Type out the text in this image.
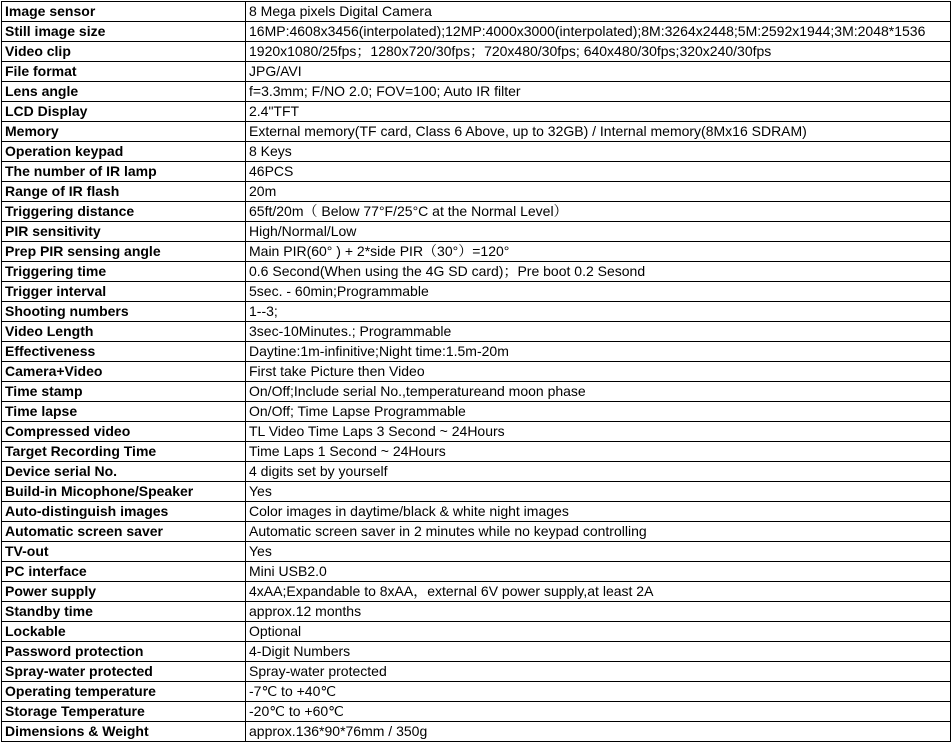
Image sensor	8 Mega pixels Digital Camera
Still image size	16MP:4608x3456(interpolated);12MP:4000x3000(interpolated);8M:3264x2448;5M:2592x1944;3M:2048*1536
Video clip	1920x1080/25fps；1280x720/30fps；720x480/30fps; 640x480/30fps;320x240/30fps
File format	JPG/AVI
Lens angle	f=3.3mm; F/NO 2.0; FOV=100; Auto IR filter
LCD Display	2.4"TFT
Memory	External memory(TF card, Class 6 Above, up to 32GB) / Internal memory(8Mx16 SDRAM)
Operation keypad	8 Keys
The number of IR lamp	46PCS
Range of IR flash	20m
Triggering distance	65ft/20m（ Below 77°F/25°C at the Normal Level）
PIR sensitivity	High/Normal/Low
Prep PIR sensing angle	Main PIR(60° ) + 2*side PIR（30°）=120°
Triggering time	0.6 Second(When using the 4G SD card)；Pre boot 0.2 Sesond
Trigger interval	5sec. - 60min;Programmable
Shooting numbers	1--3;
Video Length	3sec-10Minutes.; Programmable
Effectiveness	Daytine:1m-infinitive;Night time:1.5m-20m
Camera+Video	First take Picture then Video
Time stamp	On/Off;Include serial No.,temperatureand moon phase
Time lapse	On/Off; Time Lapse Programmable
Compressed video	TL Video Time Laps 3 Second ~ 24Hours
Target Recording Time	Time Laps 1 Second ~ 24Hours
Device serial No.	4 digits set by yourself
Build-in Micophone/Speaker	Yes
Auto-distinguish images	Color images in daytime/black & white night images
Automatic screen saver	Automatic screen saver in 2 minutes while no keypad controlling
TV-out	Yes
PC interface	Mini USB2.0
Power supply	4xAA;Expandable to 8xAA，external 6V power supply,at least 2A
Standby time	approx.12 months
Lockable	Optional
Password protection	4-Digit Numbers
Spray-water protected	Spray-water protected
Operating temperature	-7℃ to +40℃
Storage Temperature	-20℃ to +60℃
Dimensions & Weight	approx.136*90*76mm / 350g
